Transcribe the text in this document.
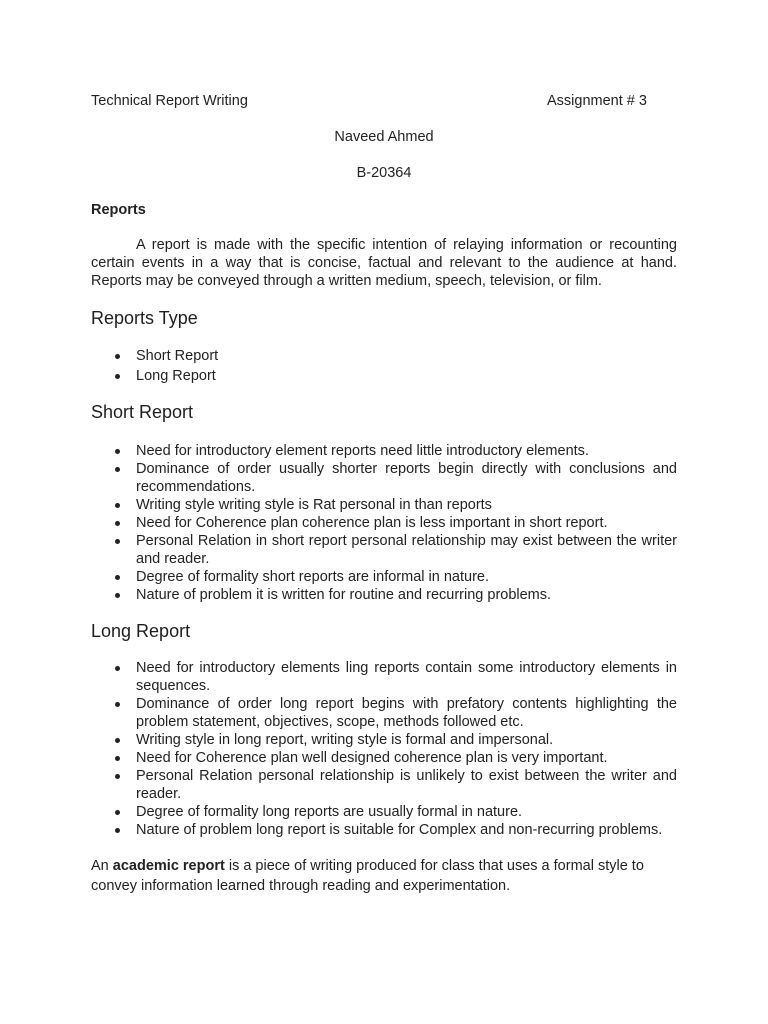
Technical Report Writing	Assignment # 3
Naveed Ahmed
B-20364
Reports

A report is made with the specific intention of relaying information or recounting certain events in a way that is concise, factual and relevant to the audience at hand. Reports may be conveyed through a written medium, speech, television, or film.

Reports Type
Short Report
Long Report
Short Report
Need for introductory element reports need little introductory elements.
Dominance of order usually shorter reports begin directly with conclusions and recommendations.
Writing style writing style is Rat personal in than reports
Need for Coherence plan coherence plan is less important in short report.
Personal Relation in short report personal relationship may exist between the writer and reader.
Degree of formality short reports are informal in nature.
Nature of problem it is written for routine and recurring problems.
Long Report
Need for introductory elements ling reports contain some introductory elements in sequences.
Dominance of order long report begins with prefatory contents highlighting the problem statement, objectives, scope, methods followed etc.
Writing style in long report, writing style is formal and impersonal.
Need for Coherence plan well designed coherence plan is very important.
Personal Relation personal relationship is unlikely to exist between the writer and reader.
Degree of formality long reports are usually formal in nature.
Nature of problem long report is suitable for Complex and non-recurring problems.

An academic report is a piece of writing produced for class that uses a formal style to convey information learned through reading and experimentation.
